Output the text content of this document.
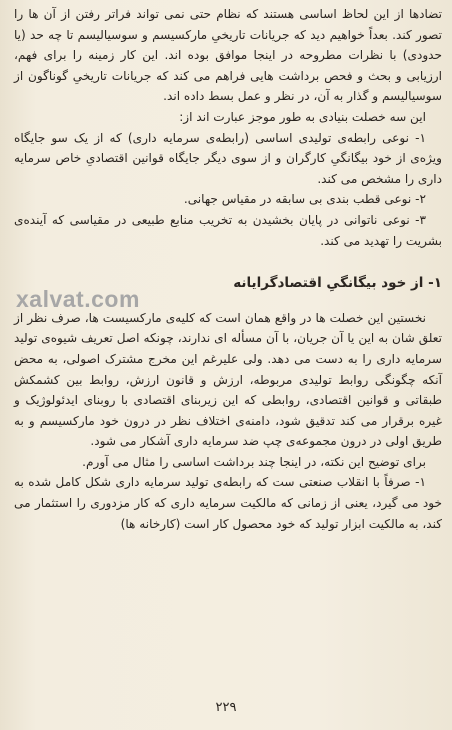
تضادها از این لحاظ اساسی هستند که نظام حتی نمی تواند فراتر رفتن از آن ها را تصور کند. بعداً خواهیم دید که جریانات تاریخیِ مارکسیسم و سوسیالیسم تا چه حد (یا حدودی) با نظرات مطروحه در اینجا موافق بوده اند. این کار زمینه را برای فهم، ارزیابی و بحث و فحص برداشت هایی فراهم می کند که جریانات تاریخیِ گوناگون از سوسیالیسم و گذار به آن، در نظر و عمل بسط داده اند.

این سه خصلت بنیادی به طور موجز عبارت اند از:

۱- نوعی رابطه‌ی تولیدی اساسی (رابطه‌ی سرمایه داری) که از یک سو جایگاه ویژه‌ی از خود بیگانگیِ کارگران و از سوی دیگر جایگاه قوانین اقتصادیِ خاص سرمایه داری را مشخص می کند.

۲- نوعی قطب بندی بی سابقه در مقیاس جهانی.

۳- نوعی ناتوانی در پایان بخشیدن به تخریب منابع طبیعی در مقیاسی که آینده‌ی بشریت را تهدید می کند.

۱- از خود بیگانگیِ اقتصادگرایانه

نخستین این خصلت ها در واقع همان است که کلیه‌ی مارکسیست ها، صرف نظر از تعلق شان به این یا آن جریان، با آن مسأله ای ندارند، چونکه اصل تعریف شیوه‌ی تولید سرمایه داری را به دست می دهد. ولی علیرغم این مخرج مشترک اصولی، به محض آنکه چگونگی روابط تولیدی مربوطه، ارزش و قانون ارزش، روابط بین کشمکش طبقاتی و قوانین اقتصادی، روابطی که این زیربنای اقتصادی با روبنای ایدئولوژیک و غیره برقرار می کند تدقیق شود، دامنه‌ی اختلاف نظر در درون خود مارکسیسم و به طریق اولی در درون مجموعه‌ی چپ ضد سرمایه داری آشکار می شود.

برای توضیح این نکته، در اینجا چند برداشت اساسی را مثال می آورم.

۱- صرفاً با انقلاب صنعتی ست که رابطه‌ی تولید سرمایه داری شکل کامل شده به خود می گیرد، یعنی از زمانی که مالکیت سرمایه داری که کار مزدوری را استثمار می کند، به مالکیت ابزار تولید که خود محصول کار است (کارخانه ها)

xalvat.com
۲۲۹
